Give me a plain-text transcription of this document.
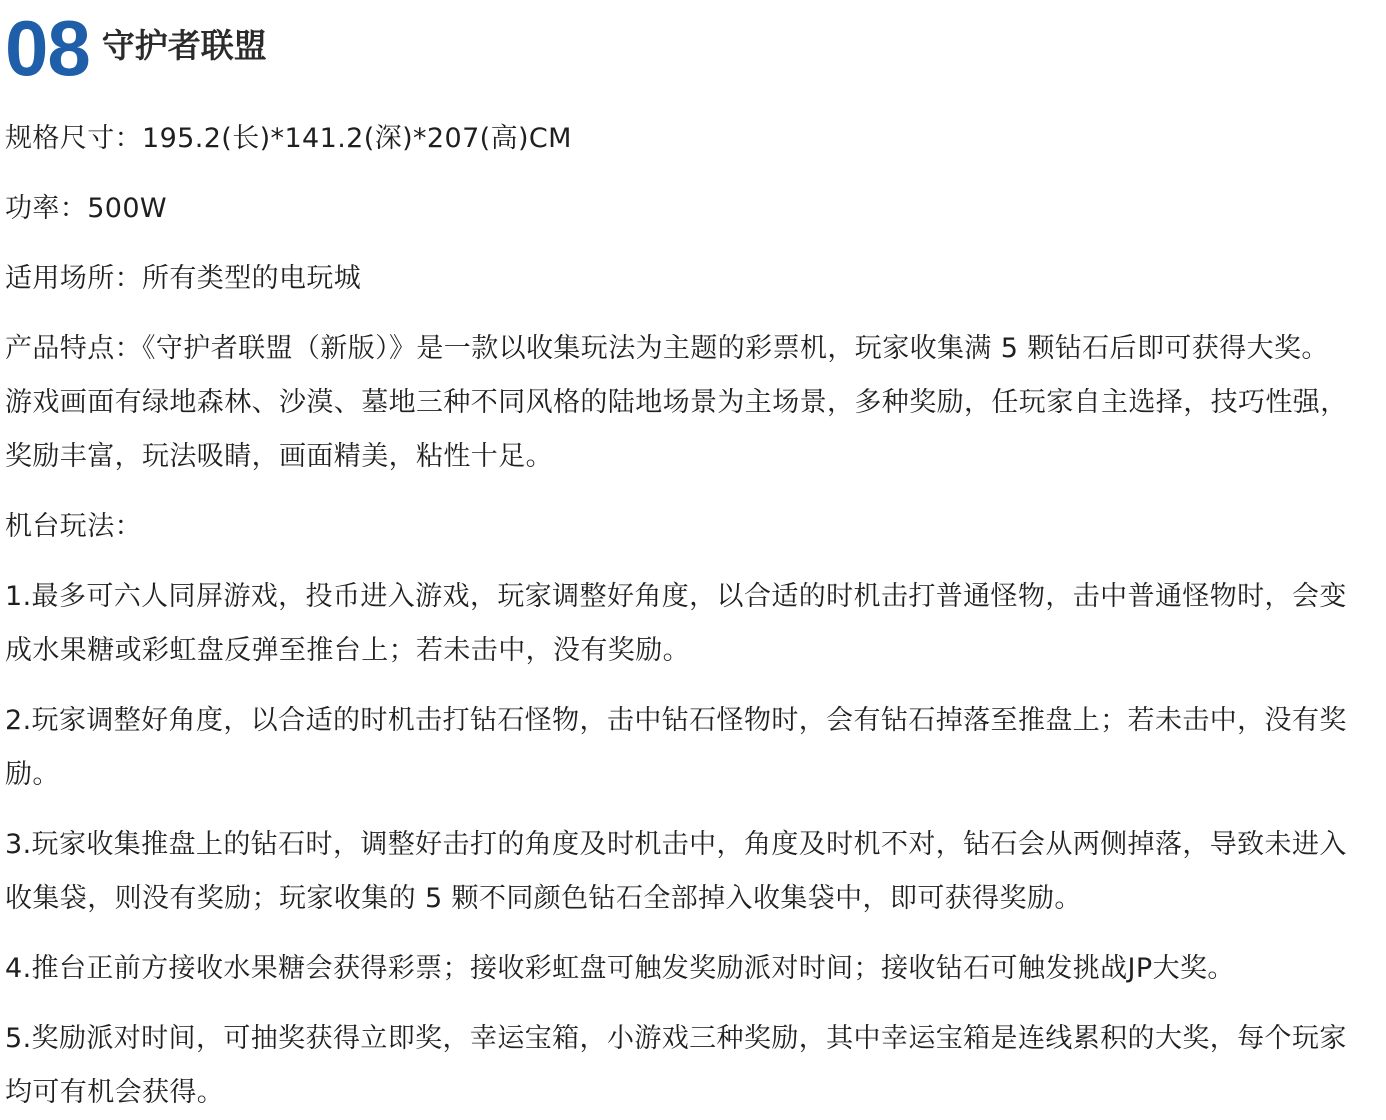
08 守护者联盟

规格尺寸：195.2(长)*141.2(深)*207(高)CM

功率：500W

适用场所：所有类型的电玩城

产品特点：《守护者联盟（新版）》是一款以收集玩法为主题的彩票机，玩家收集满 5 颗钻石后即可获得大奖。游戏画面有绿地森林、沙漠、墓地三种不同风格的陆地场景为主场景，多种奖励，任玩家自主选择，技巧性强，奖励丰富，玩法吸睛，画面精美，粘性十足。

机台玩法：

1.最多可六人同屏游戏，投币进入游戏，玩家调整好角度，以合适的时机击打普通怪物，击中普通怪物时，会变成水果糖或彩虹盘反弹至推台上；若未击中，没有奖励。

2.玩家调整好角度，以合适的时机击打钻石怪物，击中钻石怪物时，会有钻石掉落至推盘上；若未击中，没有奖励。

3.玩家收集推盘上的钻石时，调整好击打的角度及时机击中，角度及时机不对，钻石会从两侧掉落，导致未进入收集袋，则没有奖励；玩家收集的 5 颗不同颜色钻石全部掉入收集袋中，即可获得奖励。

4.推台正前方接收水果糖会获得彩票；接收彩虹盘可触发奖励派对时间；接收钻石可触发挑战JP大奖。

5.奖励派对时间，可抽奖获得立即奖，幸运宝箱，小游戏三种奖励，其中幸运宝箱是连线累积的大奖，每个玩家均可有机会获得。
